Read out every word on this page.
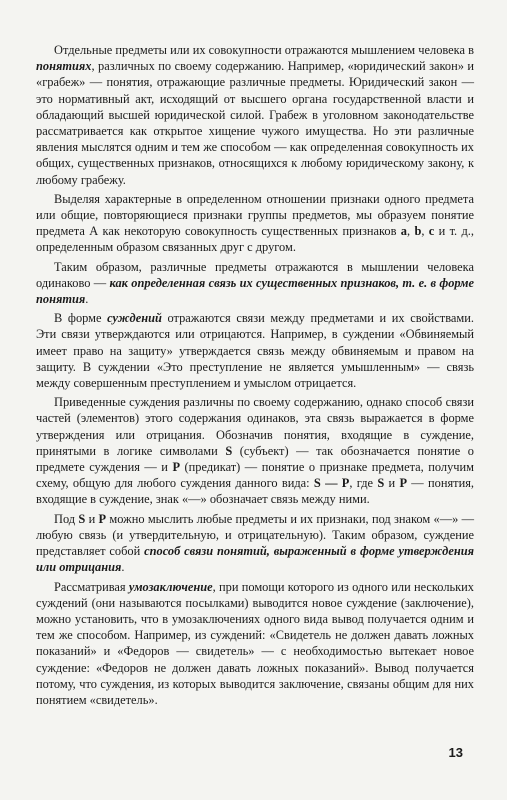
Отдельные предметы или их совокупности отражаются мышлением человека в понятиях, различных по своему содержанию. Например, «юридический закон» и «грабеж» — понятия, отражающие различные предметы. Юридический закон — это нормативный акт, исходящий от высшего органа государственной власти и обладающий высшей юридической силой. Грабеж в уголовном законодательстве рассматривается как открытое хищение чужого имущества. Но эти различные явления мыслятся одним и тем же способом — как определенная совокупность их общих, существенных признаков, относящихся к любому юридическому закону, к любому грабежу.

Выделяя характерные в определенном отношении признаки одного предмета или общие, повторяющиеся признаки группы предметов, мы образуем понятие предмета А как некоторую совокупность существенных признаков a, b, c и т. д., определенным образом связанных друг с другом.

Таким образом, различные предметы отражаются в мышлении человека одинаково — как определенная связь их существенных признаков, т. е. в форме понятия.

В форме суждений отражаются связи между предметами и их свойствами. Эти связи утверждаются или отрицаются. Например, в суждении «Обвиняемый имеет право на защиту» утверждается связь между обвиняемым и правом на защиту. В суждении «Это преступление не является умышленным» — связь между совершенным преступлением и умыслом отрицается.

Приведенные суждения различны по своему содержанию, однако способ связи частей (элементов) этого содержания одинаков, эта связь выражается в форме утверждения или отрицания. Обозначив понятия, входящие в суждение, принятыми в логике символами S (субъект) — так обозначается понятие о предмете суждения — и P (предикат) — понятие о признаке предмета, получим схему, общую для любого суждения данного вида: S — P, где S и P — понятия, входящие в суждение, знак «—» обозначает связь между ними.

Под S и P можно мыслить любые предметы и их признаки, под знаком «—» — любую связь (и утвердительную, и отрицательную). Таким образом, суждение представляет собой способ связи понятий, выраженный в форме утверждения или отрицания.

Рассматривая умозаключение, при помощи которого из одного или нескольких суждений (они называются посылками) выводится новое суждение (заключение), можно установить, что в умозаключениях одного вида вывод получается одним и тем же способом. Например, из суждений: «Свидетель не должен давать ложных показаний» и «Федоров — свидетель» — с необходимостью вытекает новое суждение: «Федоров не должен давать ложных показаний». Вывод получается потому, что суждения, из которых выводится заключение, связаны общим для них понятием «свидетель».

13
